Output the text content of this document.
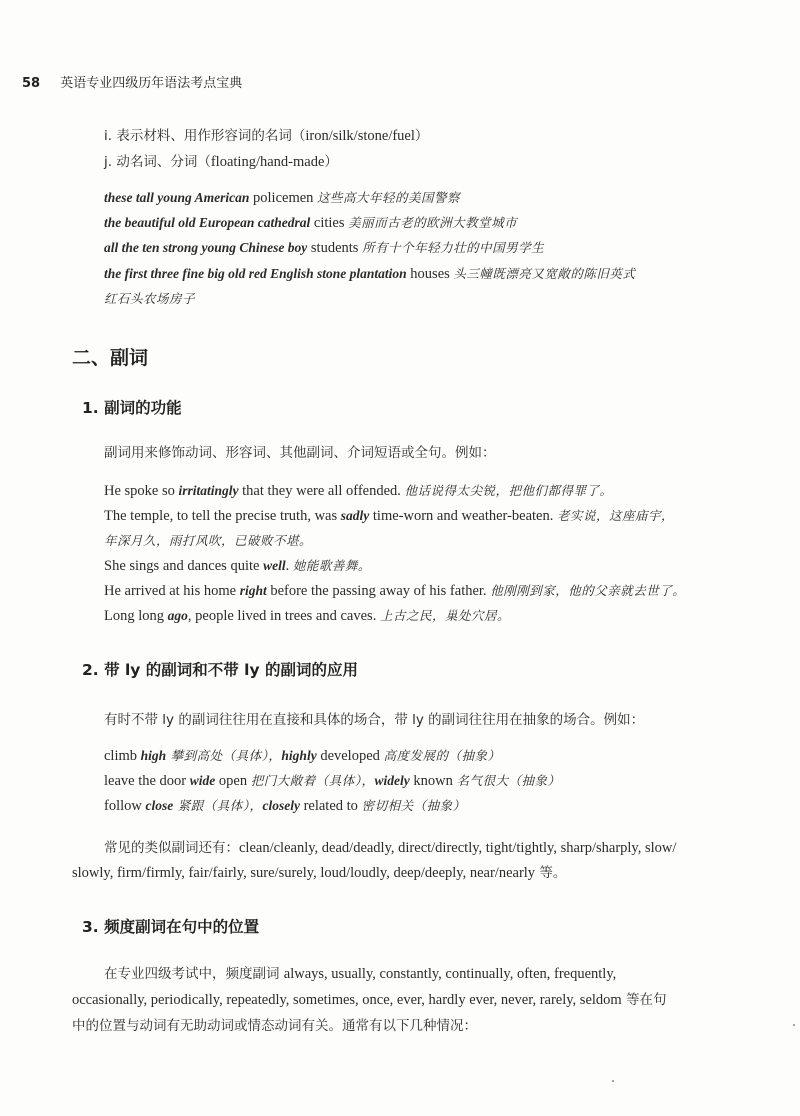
58 英语专业四级历年语法考点宝典
i. 表示材料、用作形容词的名词（iron/silk/stone/fuel）
j. 动名词、分词（floating/hand-made）
these tall young American policemen 这些高大年轻的美国警察
the beautiful old European cathedral cities 美丽而古老的欧洲大教堂城市
all the ten strong young Chinese boy students 所有十个年轻力壮的中国男学生
the first three fine big old red English stone plantation houses 头三幢既漂亮又宽敞的陈旧英式
红石头农场房子
二、副词
1. 副词的功能
副词用来修饰动词、形容词、其他副词、介词短语或全句。例如：
He spoke so irritatingly that they were all offended. 他话说得太尖锐，把他们都得罪了。
The temple, to tell the precise truth, was sadly time-worn and weather-beaten. 老实说，这座庙宇，
年深月久，雨打风吹，已破败不堪。
She sings and dances quite well. 她能歌善舞。
He arrived at his home right before the passing away of his father. 他刚刚到家，他的父亲就去世了。
Long long ago, people lived in trees and caves. 上古之民，巢处穴居。
2. 带 ly 的副词和不带 ly 的副词的应用
有时不带 ly 的副词往往用在直接和具体的场合，带 ly 的副词往往用在抽象的场合。例如：
climb high 攀到高处（具体），highly developed 高度发展的（抽象）
leave the door wide open 把门大敞着（具体），widely known 名气很大（抽象）
follow close 紧跟（具体），closely related to 密切相关（抽象）
常见的类似副词还有：clean/cleanly, dead/deadly, direct/directly, tight/tightly, sharp/sharply, slow/
slowly, firm/firmly, fair/fairly, sure/surely, loud/loudly, deep/deeply, near/nearly 等。
3. 频度副词在句中的位置
在专业四级考试中，频度副词 always, usually, constantly, continually, often, frequently,
occasionally, periodically, repeatedly, sometimes, once, ever, hardly ever, never, rarely, seldom 等在句
中的位置与动词有无助动词或情态动词有关。通常有以下几种情况：
